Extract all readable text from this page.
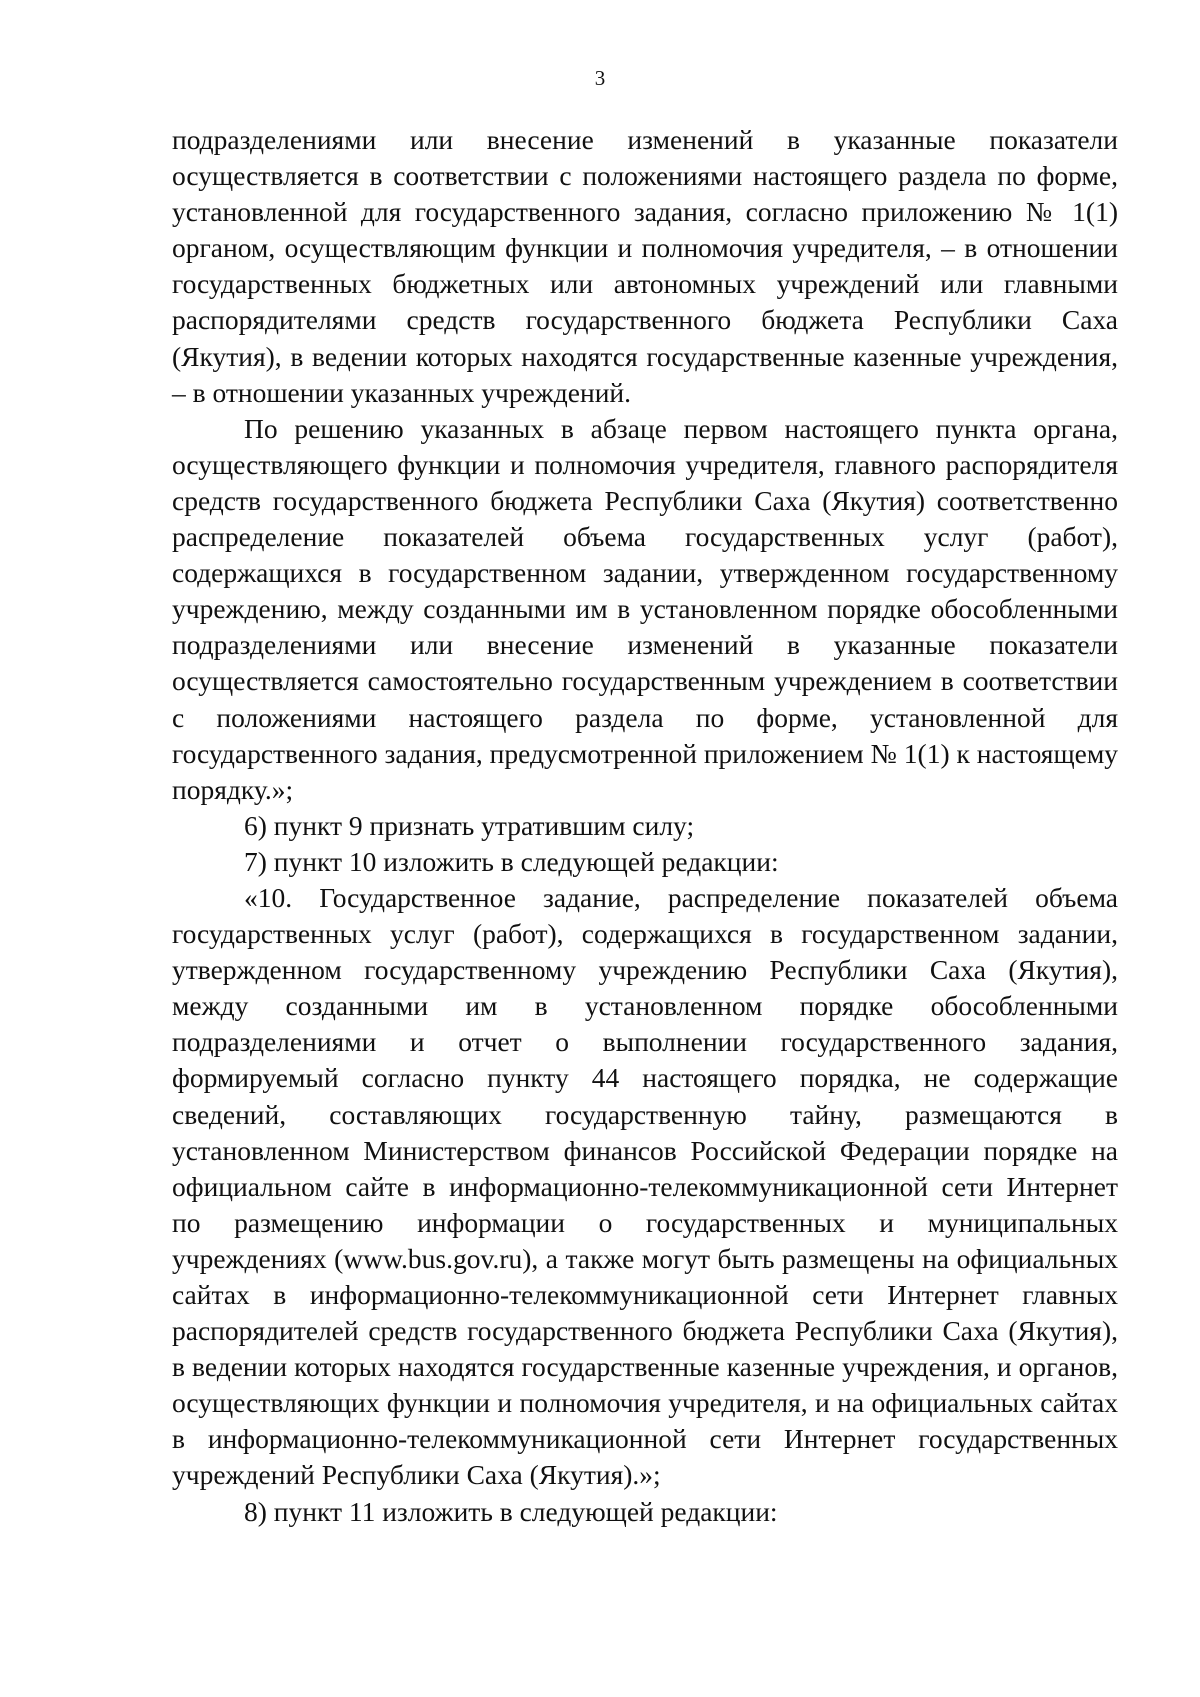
3

подразделениями или внесение изменений в указанные показатели осуществляется в соответствии с положениями настоящего раздела по форме, установленной для государственного задания, согласно приложению № 1(1) органом, осуществляющим функции и полномочия учредителя, – в отношении государственных бюджетных или автономных учреждений или главными распорядителями средств государственного бюджета Республики Саха (Якутия), в ведении которых находятся государственные казенные учреждения, – в отношении указанных учреждений.

По решению указанных в абзаце первом настоящего пункта органа, осуществляющего функции и полномочия учредителя, главного распорядителя средств государственного бюджета Республики Саха (Якутия) соответственно распределение показателей объема государственных услуг (работ), содержащихся в государственном задании, утвержденном государственному учреждению, между созданными им в установленном порядке обособленными подразделениями или внесение изменений в указанные показатели осуществляется самостоятельно государственным учреждением в соответствии с положениями настоящего раздела по форме, установленной для государственного задания, предусмотренной приложением № 1(1) к настоящему порядку.»;

6) пункт 9 признать утратившим силу;

7) пункт 10 изложить в следующей редакции:

«10. Государственное задание, распределение показателей объема государственных услуг (работ), содержащихся в государственном задании, утвержденном государственному учреждению Республики Саха (Якутия), между созданными им в установленном порядке обособленными подразделениями и отчет о выполнении государственного задания, формируемый согласно пункту 44 настоящего порядка, не содержащие сведений, составляющих государственную тайну, размещаются в установленном Министерством финансов Российской Федерации порядке на официальном сайте в информационно-телекоммуникационной сети Интернет по размещению информации о государственных и муниципальных учреждениях (www.bus.gov.ru), а также могут быть размещены на официальных сайтах в информационно-телекоммуникационной сети Интернет главных распорядителей средств государственного бюджета Республики Саха (Якутия), в ведении которых находятся государственные казенные учреждения, и органов, осуществляющих функции и полномочия учредителя, и на официальных сайтах в информационно-телекоммуникационной сети Интернет государственных учреждений Республики Саха (Якутия).»;

8) пункт 11 изложить в следующей редакции:
